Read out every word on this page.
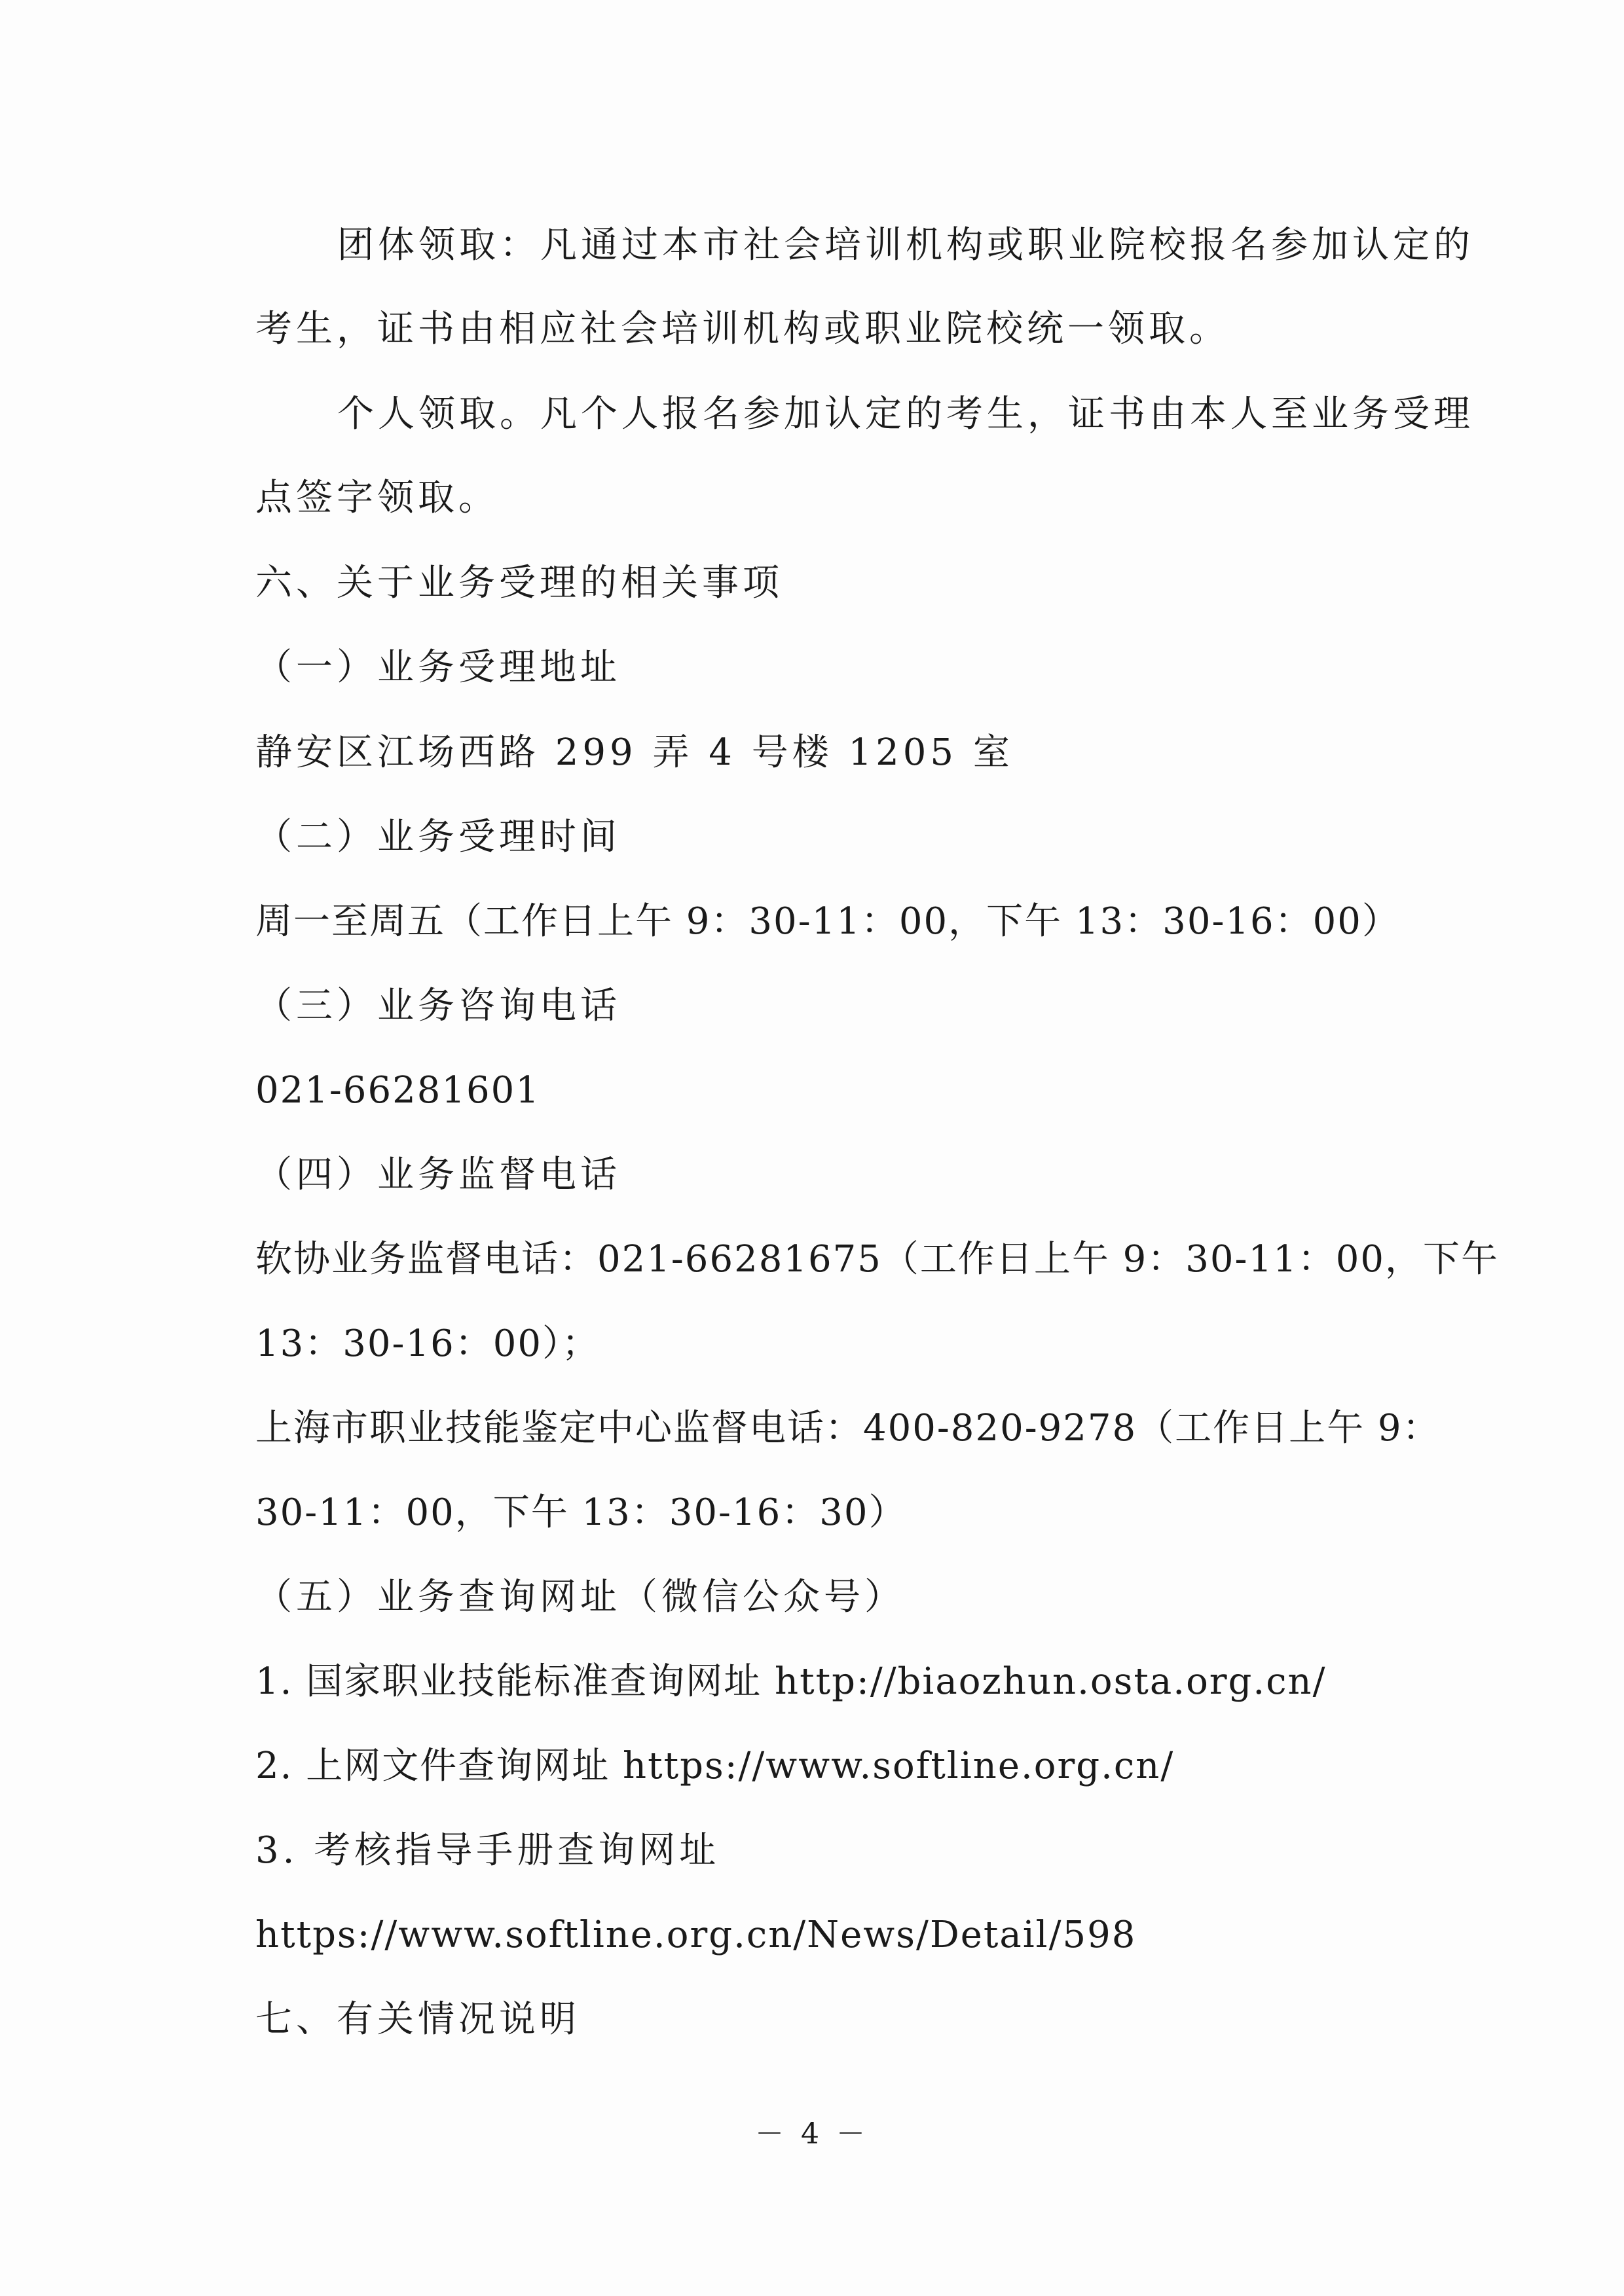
团体领取：凡通过本市社会培训机构或职业院校报名参加认定的
考生，证书由相应社会培训机构或职业院校统一领取。
个人领取。凡个人报名参加认定的考生，证书由本人至业务受理
点签字领取。
六、关于业务受理的相关事项
（一）业务受理地址
静安区江场西路 299 弄 4 号楼 1205 室
（二）业务受理时间
周一至周五（工作日上午 9：30-11：00，下午 13：30-16：00）
（三）业务咨询电话
021-66281601
（四）业务监督电话
软协业务监督电话：021-66281675（工作日上午 9：30-11：00，下午
13：30-16：00）；
上海市职业技能鉴定中心监督电话：400-820-9278（工作日上午 9：
30-11：00，下午 13：30-16：30）
（五）业务查询网址（微信公众号）
1. 国家职业技能标准查询网址 http://biaozhun.osta.org.cn/
2. 上网文件查询网址 https://www.softline.org.cn/
3. 考核指导手册查询网址
https://www.softline.org.cn/News/Detail/598
七、有关情况说明
－ 4 －
